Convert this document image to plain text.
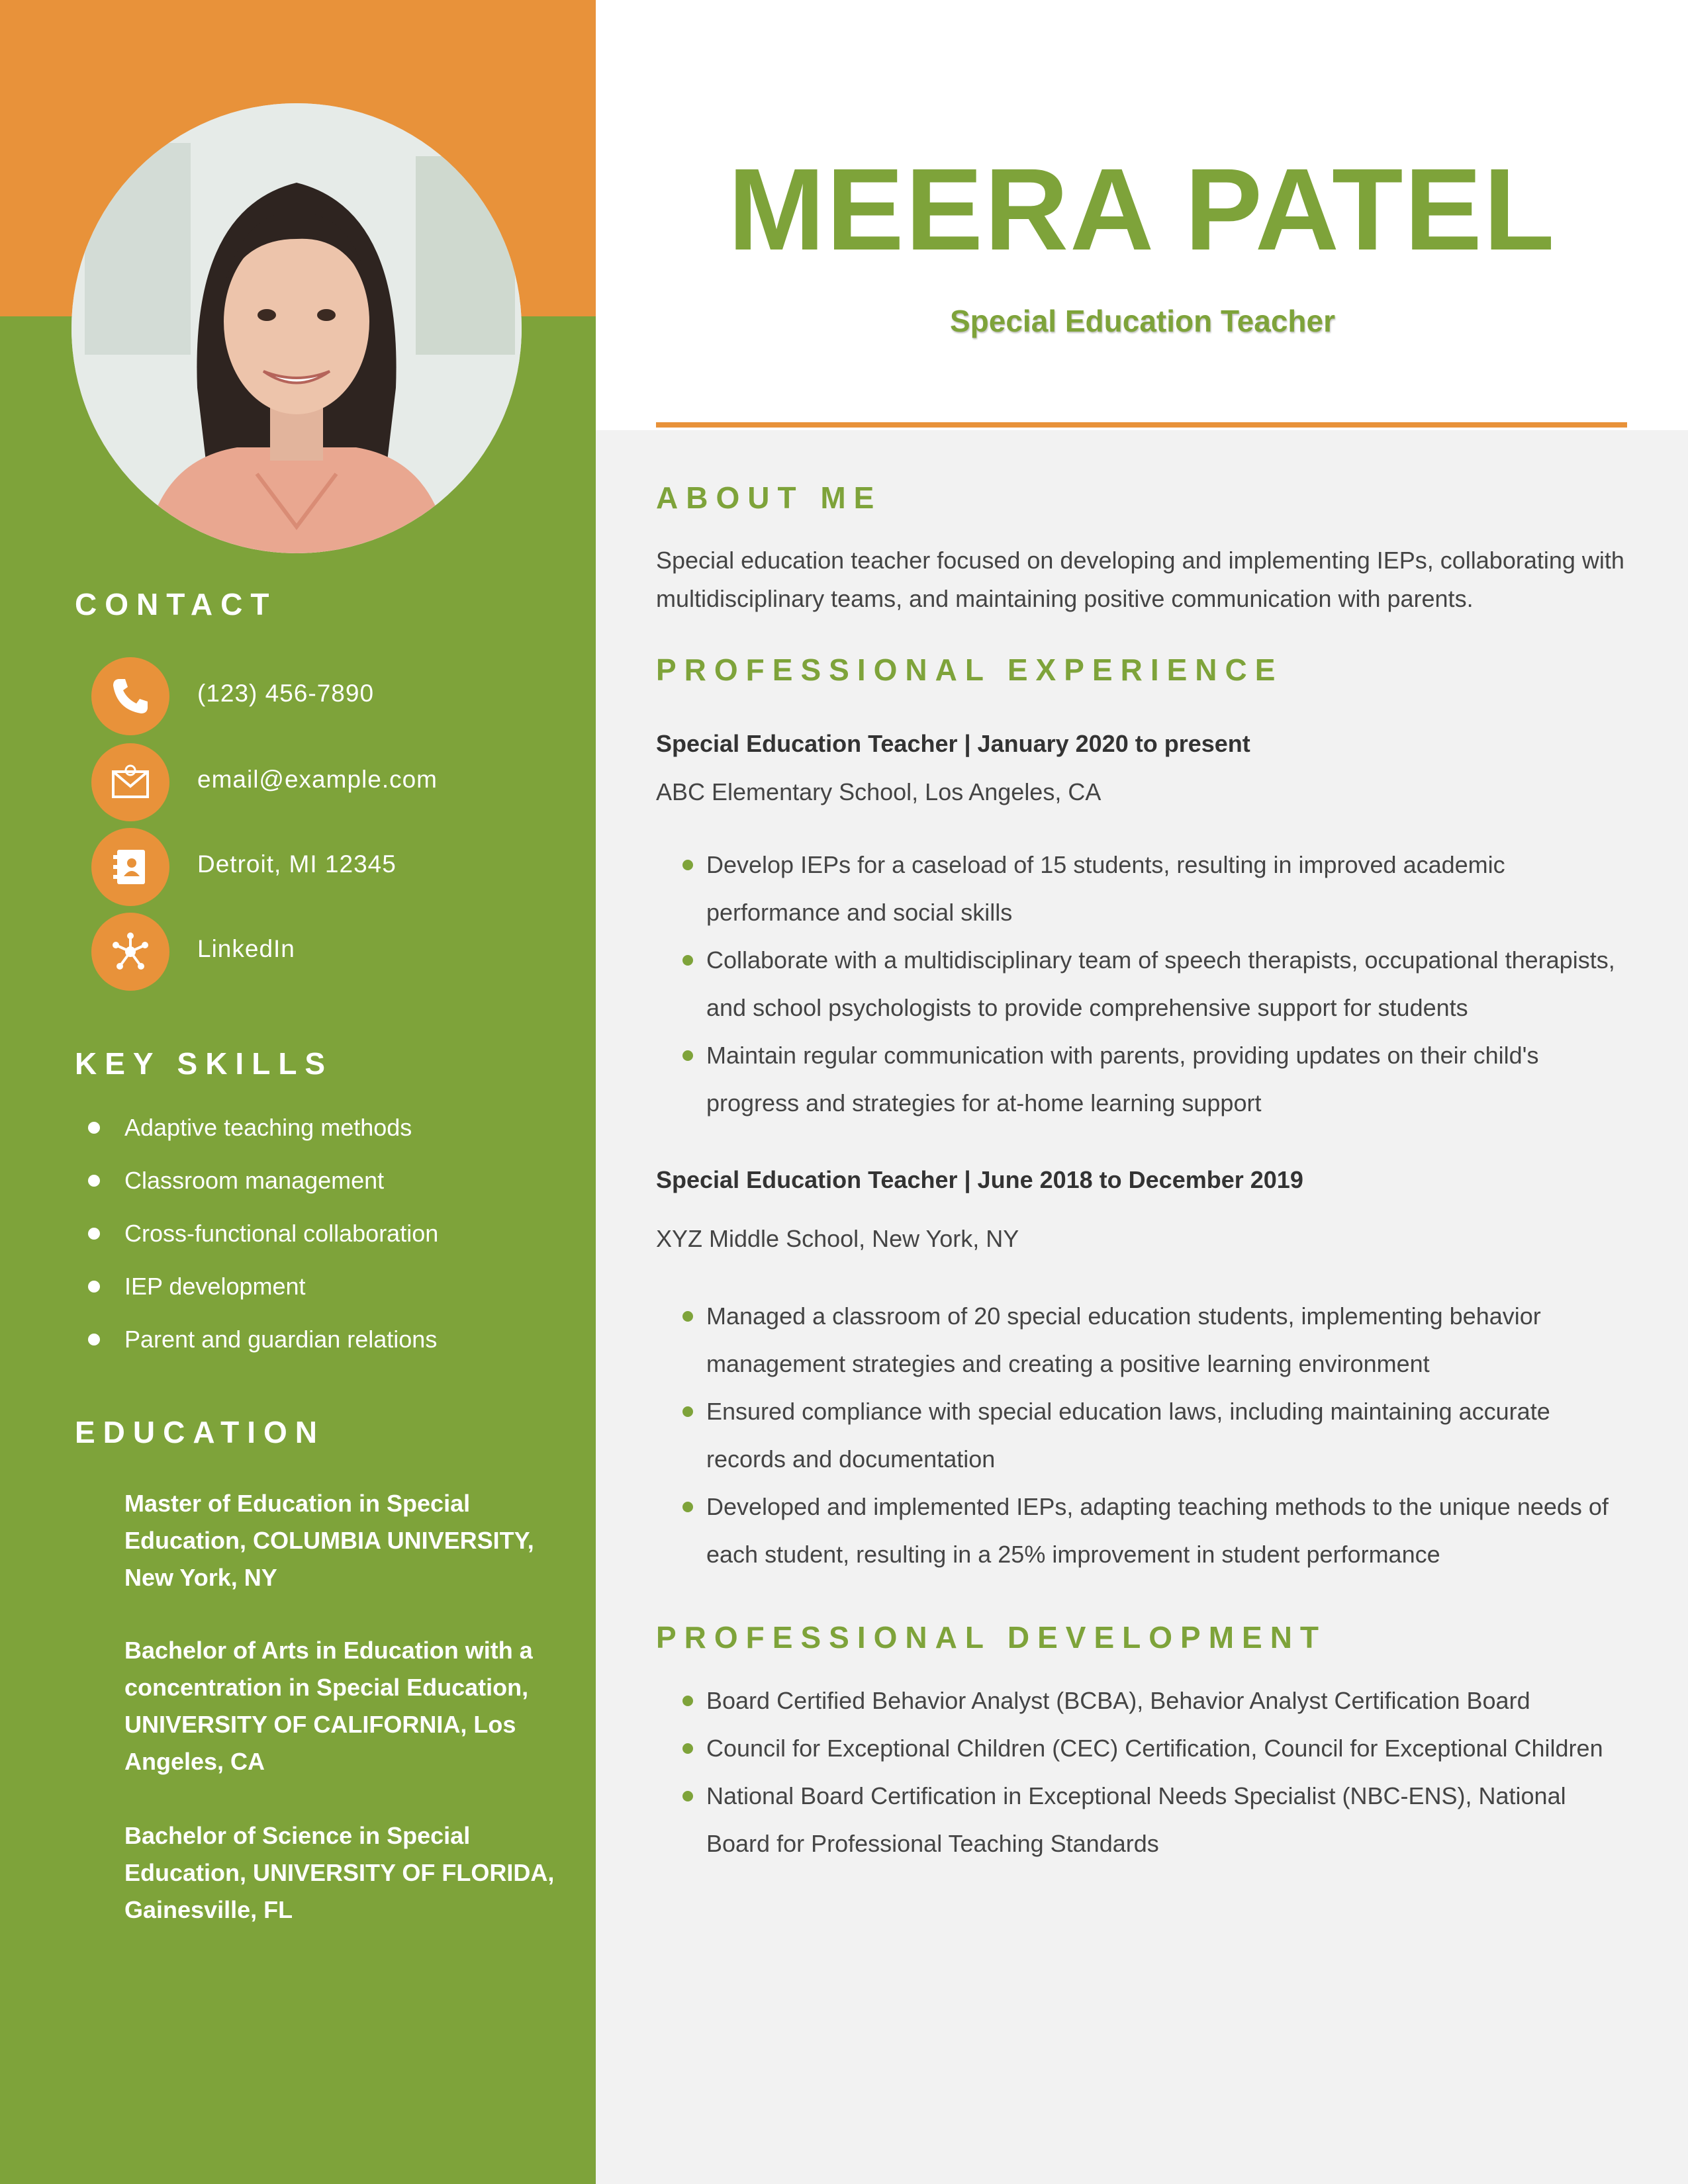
CONTACT
(123) 456-7890
email@example.com
Detroit, MI 12345
LinkedIn
KEY SKILLS
Adaptive teaching methods
Classroom management
Cross-functional collaboration
IEP development
Parent and guardian relations
EDUCATION
Master of Education in Special Education, COLUMBIA UNIVERSITY, New York, NY
Bachelor of Arts in Education with a concentration in Special Education, UNIVERSITY OF CALIFORNIA, Los Angeles, CA
Bachelor of Science in Special Education, UNIVERSITY OF FLORIDA, Gainesville, FL
MEERA PATEL
Special Education Teacher
ABOUT ME
Special education teacher focused on developing and implementing IEPs, collaborating with multidisciplinary teams, and maintaining positive communication with parents.
PROFESSIONAL EXPERIENCE
Special Education Teacher | January 2020 to present
ABC Elementary School, Los Angeles, CA
Develop IEPs for a caseload of 15 students, resulting in improved academic performance and social skills
Collaborate with a multidisciplinary team of speech therapists, occupational therapists, and school psychologists to provide comprehensive support for students
Maintain regular communication with parents, providing updates on their child's progress and strategies for at-home learning support
Special Education Teacher | June 2018 to December 2019
XYZ Middle School, New York, NY
Managed a classroom of 20 special education students, implementing behavior management strategies and creating a positive learning environment
Ensured compliance with special education laws, including maintaining accurate records and documentation
Developed and implemented IEPs, adapting teaching methods to the unique needs of each student, resulting in a 25% improvement in student performance
PROFESSIONAL DEVELOPMENT
Board Certified Behavior Analyst (BCBA), Behavior Analyst Certification Board
Council for Exceptional Children (CEC) Certification, Council for Exceptional Children
National Board Certification in Exceptional Needs Specialist (NBC-ENS), National Board for Professional Teaching Standards
